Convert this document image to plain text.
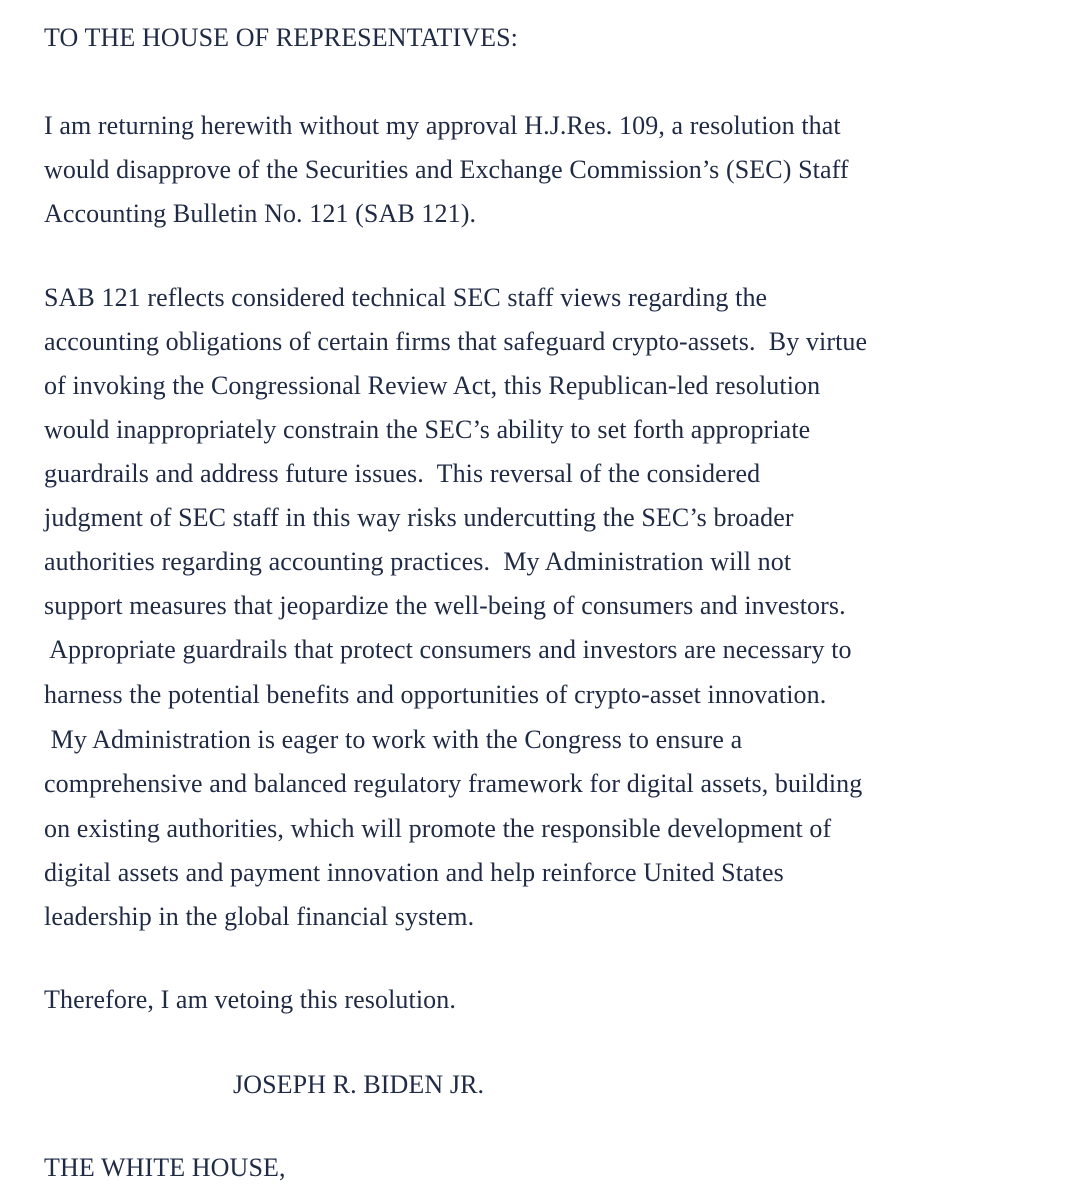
TO THE HOUSE OF REPRESENTATIVES:

I am returning herewith without my approval H.J.Res. 109, a resolution that

would disapprove of the Securities and Exchange Commission’s (SEC) Staff

Accounting Bulletin No. 121 (SAB 121).

SAB 121 reflects considered technical SEC staff views regarding the

accounting obligations of certain firms that safeguard crypto-assets.  By virtue

of invoking the Congressional Review Act, this Republican-led resolution

would inappropriately constrain the SEC’s ability to set forth appropriate

guardrails and address future issues.  This reversal of the considered

judgment of SEC staff in this way risks undercutting the SEC’s broader

authorities regarding accounting practices.  My Administration will not

support measures that jeopardize the well-being of consumers and investors.

Appropriate guardrails that protect consumers and investors are necessary to

harness the potential benefits and opportunities of crypto-asset innovation.

My Administration is eager to work with the Congress to ensure a

comprehensive and balanced regulatory framework for digital assets, building

on existing authorities, which will promote the responsible development of

digital assets and payment innovation and help reinforce United States

leadership in the global financial system.

Therefore, I am vetoing this resolution.

JOSEPH R. BIDEN JR.

THE WHITE HOUSE,
